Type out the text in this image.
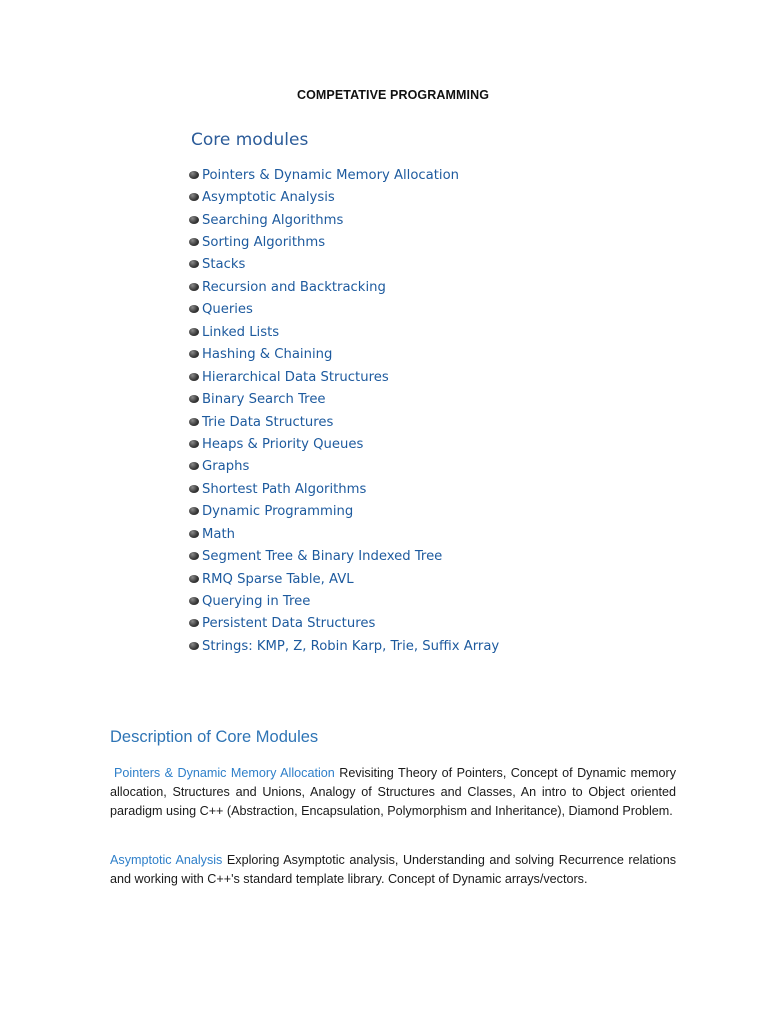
COMPETATIVE PROGRAMMING
Core modules
Pointers & Dynamic Memory Allocation
Asymptotic Analysis
Searching Algorithms
Sorting Algorithms
Stacks
Recursion and Backtracking
Queries
Linked Lists
Hashing & Chaining
Hierarchical Data Structures
Binary Search Tree
Trie Data Structures
Heaps & Priority Queues
Graphs
Shortest Path Algorithms
Dynamic Programming
Math
Segment Tree & Binary Indexed Tree
RMQ Sparse Table, AVL
Querying in Tree
Persistent Data Structures
Strings: KMP, Z, Robin Karp, Trie, Suffix Array
Description of Core Modules

Pointers & Dynamic Memory Allocation Revisiting Theory of Pointers, Concept of Dynamic memory allocation, Structures and Unions, Analogy of Structures and Classes, An intro to Object oriented paradigm using C++ (Abstraction, Encapsulation, Polymorphism and Inheritance), Diamond Problem.

Asymptotic Analysis Exploring Asymptotic analysis, Understanding and solving Recurrence relations and working with C++'s standard template library. Concept of Dynamic arrays/vectors.
